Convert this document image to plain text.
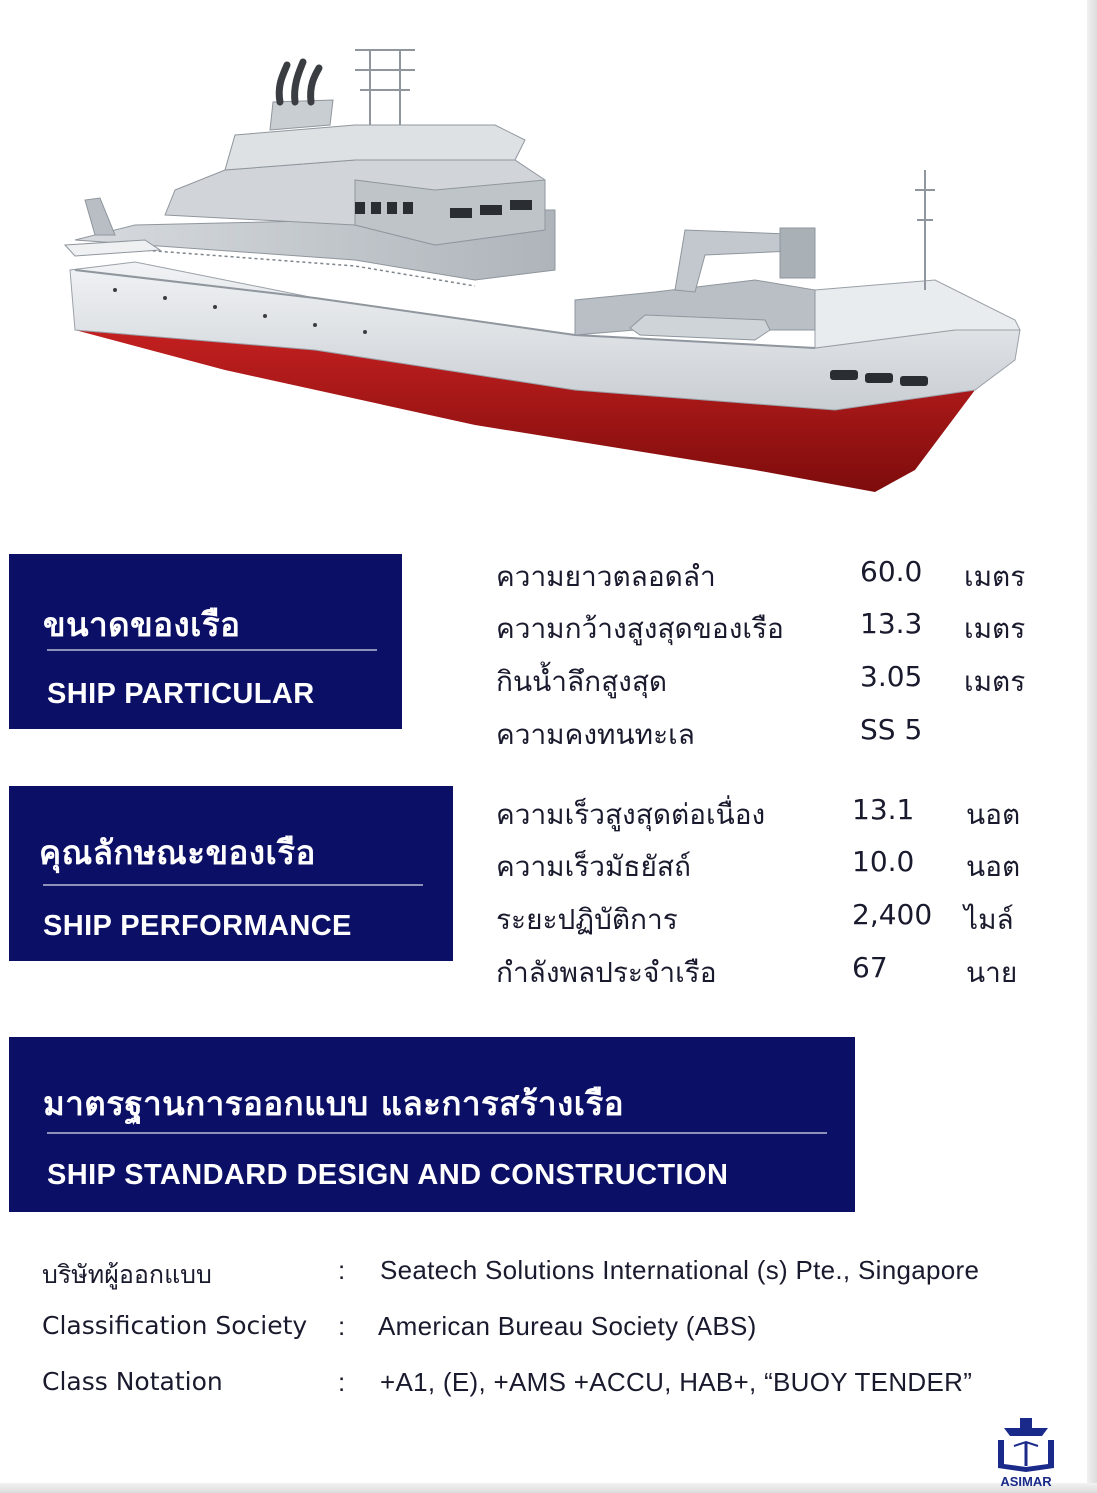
ขนาดของเรือ
SHIP PARTICULAR
ความยาวตลอดลำ	60.0 เมตร
ความกว้างสูงสุดของเรือ	13.3 เมตร
กินน้ำลึกสูงสุด	3.05 เมตร
ความคงทนทะเล	SS 5
คุณลักษณะของเรือ
SHIP PERFORMANCE
ความเร็วสูงสุดต่อเนื่อง	13.1 นอต
ความเร็วมัธยัสถ์	10.0 นอต
ระยะปฏิบัติการ	2,400 ไมล์
กำลังพลประจำเรือ	67	นาย
มาตรฐานการออกแบบ และการสร้างเรือ
SHIP STANDARD DESIGN AND CONSTRUCTION
บริษัทผู้ออกแบบ	: Seatech Solutions International (s) Pte., Singapore
Classification Society : American Bureau Society (ABS)
Class Notation	: +A1, (E), +AMS +ACCU, HAB+, “BUOY TENDER”
ASIMAR
